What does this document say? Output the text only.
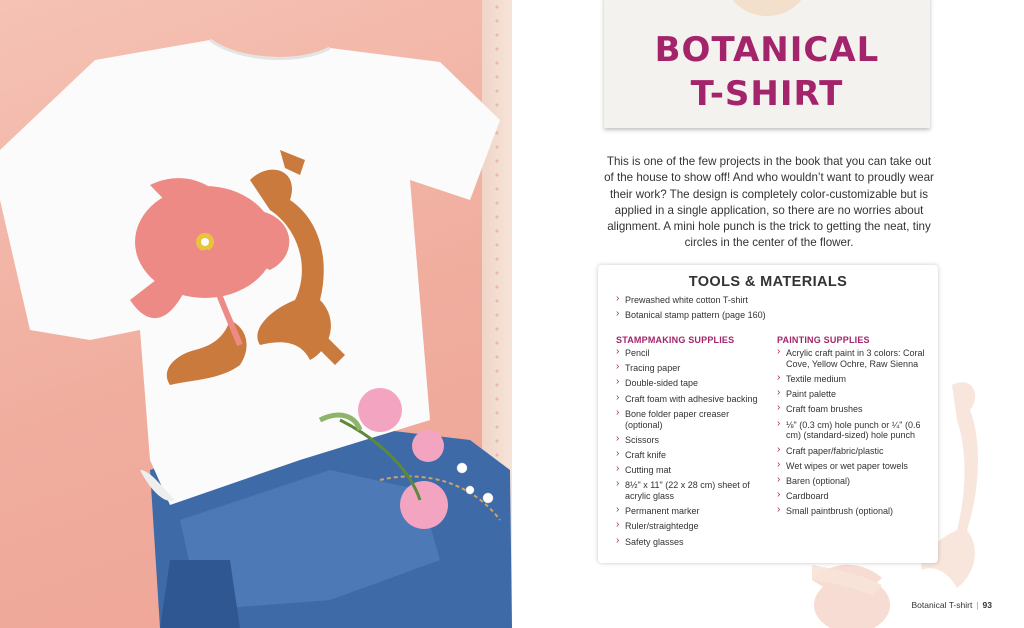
BOTANICAL
T-SHIRT

This is one of the few projects in the book that you can take out of the house to show off! And who wouldn’t want to proudly wear their work? The design is completely color-customizable but is applied in a single application, so there are no worries about alignment. A mini hole punch is the trick to getting the neat, tiny circles in the center of the flower.

TOOLS & MATERIALS
› Prewashed white cotton T-shirt
› Botanical stamp pattern (page 160)
STAMPMAKING SUPPLIES
› Pencil
› Tracing paper
› Double-sided tape
› Craft foam with adhesive backing
› Bone folder paper creaser (optional)
› Scissors
› Craft knife
› Cutting mat
› 8½" x 11" (22 x 28 cm) sheet of acrylic glass
› Permanent marker
› Ruler/straightedge
› Safety glasses
PAINTING SUPPLIES
› Acrylic craft paint in 3 colors: Coral Cove, Yellow Ochre, Raw Sienna
› Textile medium
› Paint palette
› Craft foam brushes
› ⅛" (0.3 cm) hole punch or ¼" (0.6 cm) (standard-sized) hole punch
› Craft paper/fabric/plastic
› Wet wipes or wet paper towels
› Baren (optional)
› Cardboard
› Small paintbrush (optional)
Botanical T-shirt | 93
